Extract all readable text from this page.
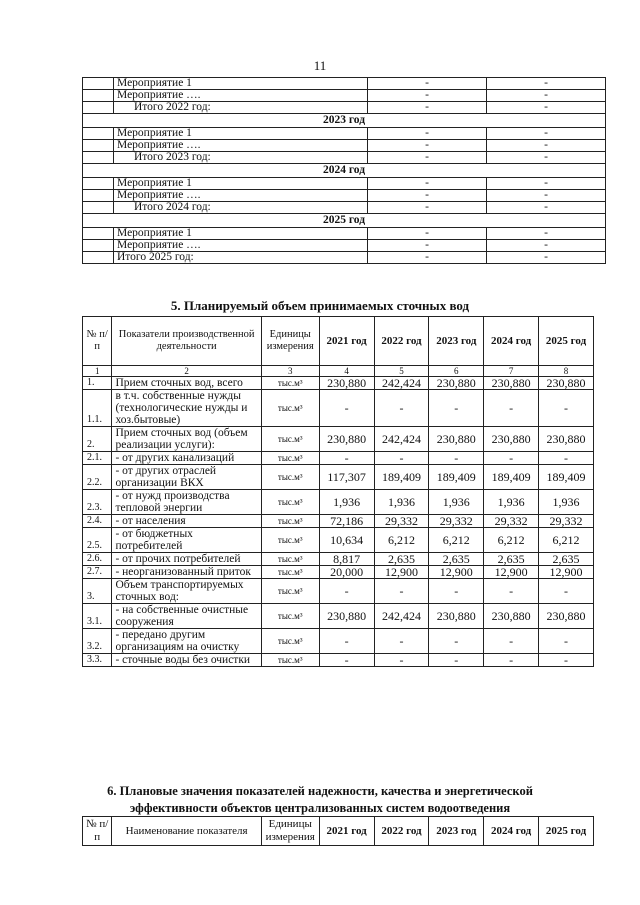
11
	Мероприятие 1	-	-
	Мероприятие ….	-	-
	Итого 2022 год:	-	-
2023 год			
	Мероприятие 1	-	-
	Мероприятие ….	-	-
	Итого 2023 год:	-	-
2024 год			
	Мероприятие 1	-	-
	Мероприятие ….	-	-
	Итого 2024 год:	-	-
2025 год			
	Мероприятие 1	-	-
	Мероприятие ….	-	-
	Итого 2025 год:	-	-
5. Планируемый объем принимаемых сточных вод
№ п/п	Показатели производственной деятельности	Единицы измерения	2021 год	2022 год	2023 год	2024 год	2025 год
1	2	3	4	5	6	7	8
1.	Прием сточных вод, всего	тыс.м³	230,880	242,424	230,880	230,880	230,880
1.1.	в т.ч. собственные нужды (технологические нужды и хоз.бытовые)	тыс.м³	-	-	-	-	-
2.	Прием сточных вод (объем реализации услуги):	тыс.м³	230,880	242,424	230,880	230,880	230,880
2.1.	- от других канализаций	тыс.м³	-	-	-	-	-
2.2.	- от других отраслей организации ВКХ	тыс.м³	117,307	189,409	189,409	189,409	189,409
2.3.	- от нужд производства тепловой энергии	тыс.м³	1,936	1,936	1,936	1,936	1,936
2.4.	- от населения	тыс.м³	72,186	29,332	29,332	29,332	29,332
2.5.	- от бюджетных потребителей	тыс.м³	10,634	6,212	6,212	6,212	6,212
2.6.	- от прочих потребителей	тыс.м³	8,817	2,635	2,635	2,635	2,635
2.7.	- неорганизованный приток	тыс.м³	20,000	12,900	12,900	12,900	12,900
3.	Объем транспортируемых сточных вод:	тыс.м³	-	-	-	-	-
3.1.	- на собственные очистные сооружения	тыс.м³	230,880	242,424	230,880	230,880	230,880
3.2.	- передано другим организациям на очистку	тыс.м³	-	-	-	-	-
3.3.	- сточные воды без очистки	тыс.м³	-	-	-	-	-
6. Плановые значения показателей надежности, качества и энергетической
эффективности объектов централизованных систем водоотведения
№ п/п	Наименование показателя	Единицы измерения	2021 год	2022 год	2023 год	2024 год	2025 год
